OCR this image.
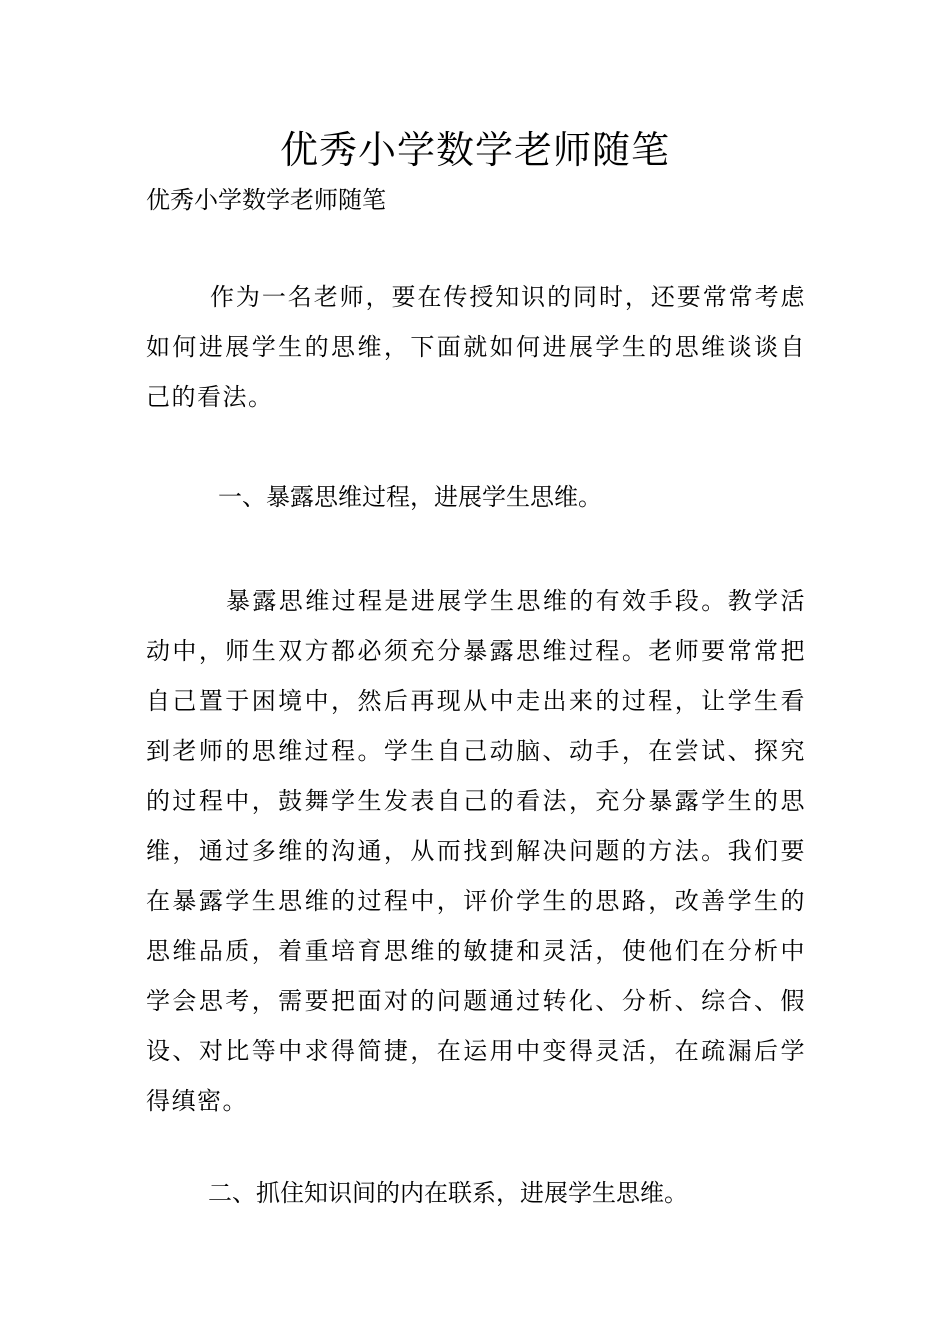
优秀小学数学老师随笔

优秀小学数学老师随笔

作为一名老师，要在传授知识的同时，还要常常考虑如何进展学生的思维，下面就如何进展学生的思维谈谈自己的看法。

一、暴露思维过程，进展学生思维。

暴露思维过程是进展学生思维的有效手段。教学活动中，师生双方都必须充分暴露思维过程。老师要常常把自己置于困境中，然后再现从中走出来的过程，让学生看到老师的思维过程。学生自己动脑、动手，在尝试、探究的过程中，鼓舞学生发表自己的看法，充分暴露学生的思维，通过多维的沟通，从而找到解决问题的方法。我们要在暴露学生思维的过程中，评价学生的思路，改善学生的思维品质，着重培育思维的敏捷和灵活，使他们在分析中学会思考，需要把面对的问题通过转化、分析、综合、假设、对比等中求得简捷，在运用中变得灵活，在疏漏后学得缜密。

二、抓住知识间的内在联系，进展学生思维。
